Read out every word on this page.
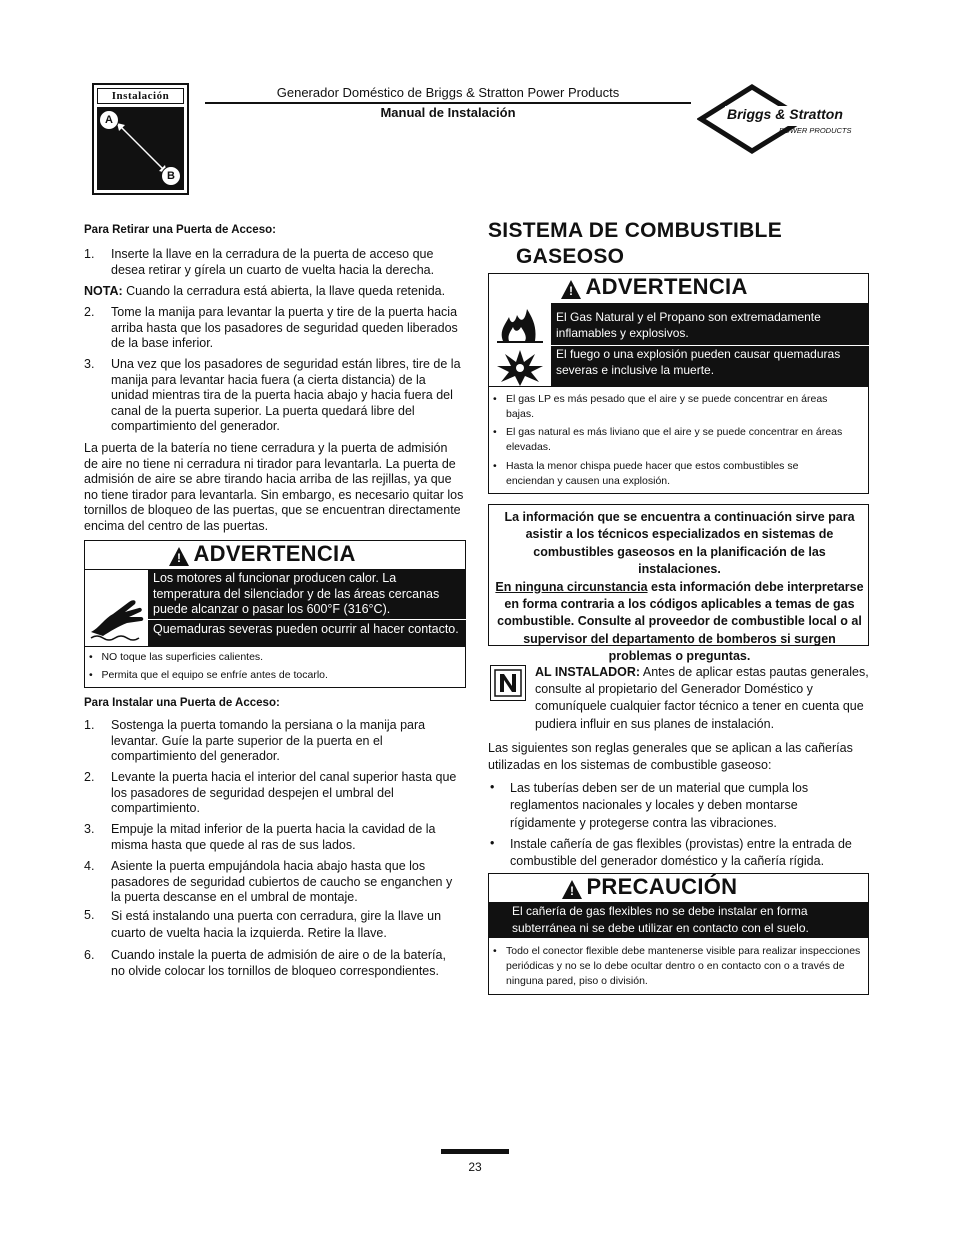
Instalación
A
B
Generador Doméstico de Briggs & Stratton Power Products
Manual de Instalación	Briggs & Stratton
POWER PRODUCTS
Para Retirar una Puerta de Acceso:
1. Inserte la llave en la cerradura de la puerta de acceso que desea retirar y gírela un cuarto de vuelta hacia la derecha.
NOTA: Cuando la cerradura está abierta, la llave queda retenida.
2. Tome la manija para levantar la puerta y tire de la puerta hacia arriba hasta que los pasadores de seguridad queden liberados de la base inferior.
3. Una vez que los pasadores de seguridad están libres, tire de la manija para levantar hacia fuera (a cierta distancia) de la unidad mientras tira de la puerta hacia abajo y hacia fuera del canal de la puerta superior. La puerta quedará libre del compartimiento del generador.
La puerta de la batería no tiene cerradura y la puerta de admisión de aire no tiene ni cerradura ni tirador para levantarla. La puerta de admisión de aire se abre tirando hacia arriba de las rejillas, ya que no tiene tirador para levantarla. Sin embargo, es necesario quitar los tornillos de bloqueo de las puertas, que se encuentran directamente encima del centro de las puertas.
! ADVERTENCIA
Los motores al funcionar producen calor. La temperatura del silenciador y de las áreas cercanas puede alcanzar o pasar los 600°F (316°C).
Quemaduras severas pueden ocurrir al hacer contacto.
•   NO toque las superficies calientes.
•   Permita que el equipo se enfríe antes de tocarlo.
Para Instalar una Puerta de Acceso:
1. Sostenga la puerta tomando la persiana o la manija para levantar. Guíe la parte superior de la puerta en el compartimiento del generador.
2. Levante la puerta hacia el interior del canal superior hasta que los pasadores de seguridad despejen el umbral del compartimiento.
3. Empuje la mitad inferior de la puerta hacia la cavidad de la misma hasta que quede al ras de sus lados.
4. Asiente la puerta empujándola hacia abajo hasta que los pasadores de seguridad cubiertos de caucho se enganchen y la puerta descanse en el umbral de montaje.
5. Si está instalando una puerta con cerradura, gire la llave un cuarto de vuelta hacia la izquierda. Retire la llave.
6. Cuando instale la puerta de admisión de aire o de la batería, no olvide colocar los tornillos de bloqueo correspondientes.
SISTEMA DE COMBUSTIBLE
GASEOSO
! ADVERTENCIA
El Gas Natural y el Propano son extremadamente inflamables y explosivos.
El fuego o una explosión pueden causar quemaduras severas e inclusive la muerte.
• El gas LP es más pesado que el aire y se puede concentrar en áreas bajas.
• El gas natural es más liviano que el aire y se puede concentrar en áreas elevadas.
• Hasta la menor chispa puede hacer que estos combustibles se enciendan y causen una explosión.
La información que se encuentra a continuación sirve para asistir a los técnicos especializados en sistemas de combustibles gaseosos en la planificación de las instalaciones.
En ninguna circunstancia esta información debe interpretarse en forma contraria a los códigos aplicables a temas de gas combustible. Consulte al proveedor de combustible local o al supervisor del departamento de bomberos si surgen problemas o preguntas.
AL INSTALADOR: Antes de aplicar estas pautas generales, consulte al propietario del Generador Doméstico y comuníquele cualquier factor técnico a tener en cuenta que pudiera influir en sus planes de instalación.
Las siguientes son reglas generales que se aplican a las cañerías utilizadas en los sistemas de combustible gaseoso:
• Las tuberías deben ser de un material que cumpla los reglamentos nacionales y locales y deben montarse rígidamente y protegerse contra las vibraciones.
• Instale cañería de gas flexibles (provistas) entre la entrada de combustible del generador doméstico y la cañería rígida.
! PRECAUCIÓN
El cañería de gas flexibles no se debe instalar en forma subterránea ni se debe utilizar en contacto con el suelo.
• Todo el conector flexible debe mantenerse visible para realizar inspecciones periódicas y no se lo debe ocultar dentro o en contacto con o a través de ninguna pared, piso o división.
23
